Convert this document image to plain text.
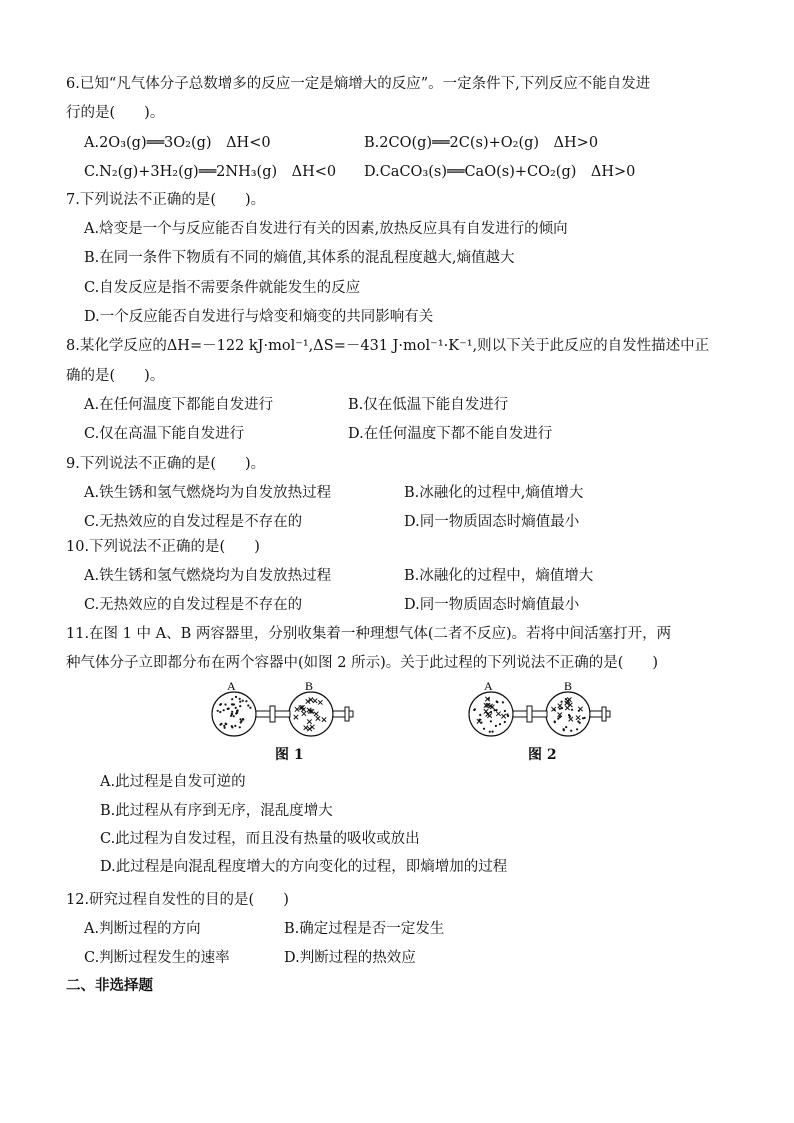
6.已知“凡气体分子总数增多的反应一定是熵增大的反应”。一定条件下,下列反应不能自发进
行的是(　　)。
A.2O₃(g)══3O₂(g)　ΔH<0	B.2CO(g)══2C(s)+O₂(g)　ΔH>0
C.N₂(g)+3H₂(g)══2NH₃(g)　ΔH<0 D.CaCO₃(s)══CaO(s)+CO₂(g)　ΔH>0
7.下列说法不正确的是(　　)。
A.焓变是一个与反应能否自发进行有关的因素,放热反应具有自发进行的倾向
B.在同一条件下物质有不同的熵值,其体系的混乱程度越大,熵值越大
C.自发反应是指不需要条件就能发生的反应
D.一个反应能否自发进行与焓变和熵变的共同影响有关
8.某化学反应的ΔH=－122 kJ·mol⁻¹,ΔS=－431 J·mol⁻¹·K⁻¹,则以下关于此反应的自发性描述中正
确的是(　　)。
A.在任何温度下都能自发进行	B.仅在低温下能自发进行
C.仅在高温下能自发进行	D.在任何温度下都不能自发进行
9.下列说法不正确的是(　　)。
A.铁生锈和氢气燃烧均为自发放热过程	B.冰融化的过程中,熵值增大
C.无热效应的自发过程是不存在的	D.同一物质固态时熵值最小
10.下列说法不正确的是(　　)
A.铁生锈和氢气燃烧均为自发放热过程	B.冰融化的过程中，熵值增大
C.无热效应的自发过程是不存在的	D.同一物质固态时熵值最小
11.在图 1 中 A、B 两容器里，分别收集着一种理想气体(二者不反应)。若将中间活塞打开，两
种气体分子立即都分布在两个容器中(如图 2 所示)。关于此过程的下列说法不正确的是(　　)
A	B
图 1
A	B
图 2
A.此过程是自发可逆的
B.此过程从有序到无序，混乱度增大
C.此过程为自发过程，而且没有热量的吸收或放出
D.此过程是向混乱程度增大的方向变化的过程，即熵增加的过程
12.研究过程自发性的目的是(　　)
A.判断过程的方向	B.确定过程是否一定发生
C.判断过程发生的速率	D.判断过程的热效应
二、非选择题
